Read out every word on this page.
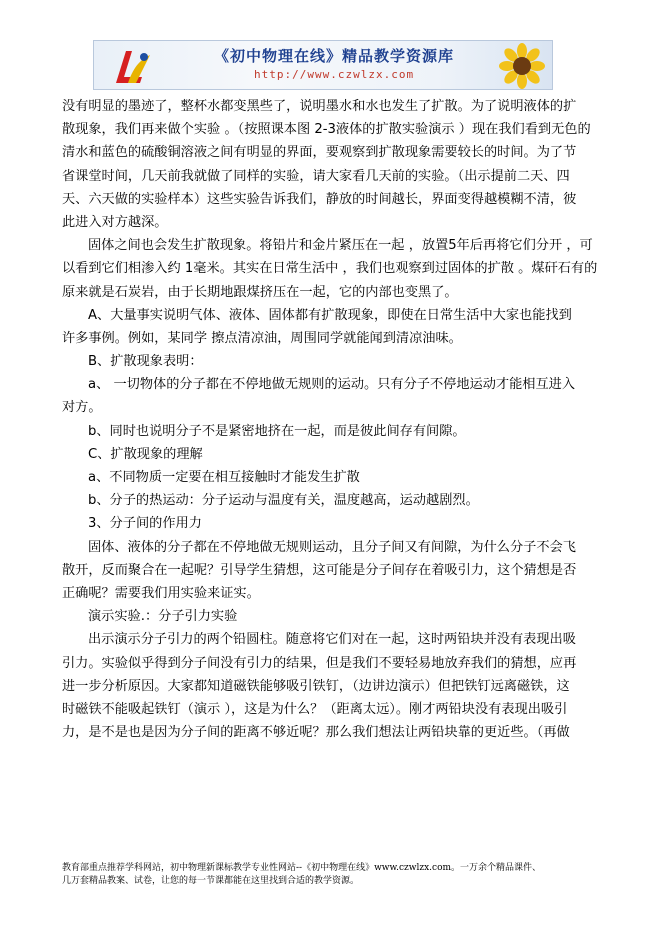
《初中物理在线》精品教学资源库
http://www.czwlzx.com
没有明显的墨迹了，整杯水都变黑些了，说明墨水和水也发生了扩散。为了说明液体的扩
散现象，我们再来做个实验 。（按照课本图 2-3液体的扩散实验演示 ）现在我们看到无色的
清水和蓝色的硫酸铜溶液之间有明显的界面，要观察到扩散现象需要较长的时间。为了节
省课堂时间，几天前我就做了同样的实验，请大家看几天前的实验。（出示提前二天、四
天、六天做的实验样本）这些实验告诉我们，静放的时间越长，界面变得越模糊不清，彼
此进入对方越深。
固体之间也会发生扩散现象。将铅片和金片紧压在一起 ，放置5年后再将它们分开 ，可
以看到它们相渗入约 1毫米。其实在日常生活中 ，我们也观察到过固体的扩散 。煤矸石有的
原来就是石炭岩，由于长期地跟煤挤压在一起，它的内部也变黑了。
A、大量事实说明气体、液体、固体都有扩散现象，即使在日常生活中大家也能找到
许多事例。例如，某同学 擦点清凉油，周围同学就能闻到清凉油味。
B、扩散现象表明：
a、 一切物体的分子都在不停地做无规则的运动。只有分子不停地运动才能相互进入
对方。
b、同时也说明分子不是紧密地挤在一起，而是彼此间存有间隙。
C、扩散现象的理解
a、不同物质一定要在相互接触时才能发生扩散
b、分子的热运动：分子运动与温度有关，温度越高，运动越剧烈。
3、分子间的作用力
固体、液体的分子都在不停地做无规则运动，且分子间又有间隙，为什么分子不会飞
散开，反而聚合在一起呢？引导学生猜想，这可能是分子间存在着吸引力，这个猜想是否
正确呢？需要我们用实验来证实。
演示实验.：分子引力实验
出示演示分子引力的两个铅圆柱。随意将它们对在一起，这时两铅块并没有表现出吸
引力。实验似乎得到分子间没有引力的结果，但是我们不要轻易地放弃我们的猜想，应再
进一步分析原因。大家都知道磁铁能够吸引铁钉，（边讲边演示）但把铁钉远离磁铁，这
时磁铁不能吸起铁钉（演示 ），这是为什么？（距离太远）。刚才两铅块没有表现出吸引
力，是不是也是因为分子间的距离不够近呢？那么我们想法让两铅块靠的更近些。（再做
教育部重点推荐学科网站，初中物理新课标教学专业性网站--《初中物理在线》www.czwlzx.com。一万余个精品课件、
几万套精品教案、试卷，让您的每一节课都能在这里找到合适的教学资源。
